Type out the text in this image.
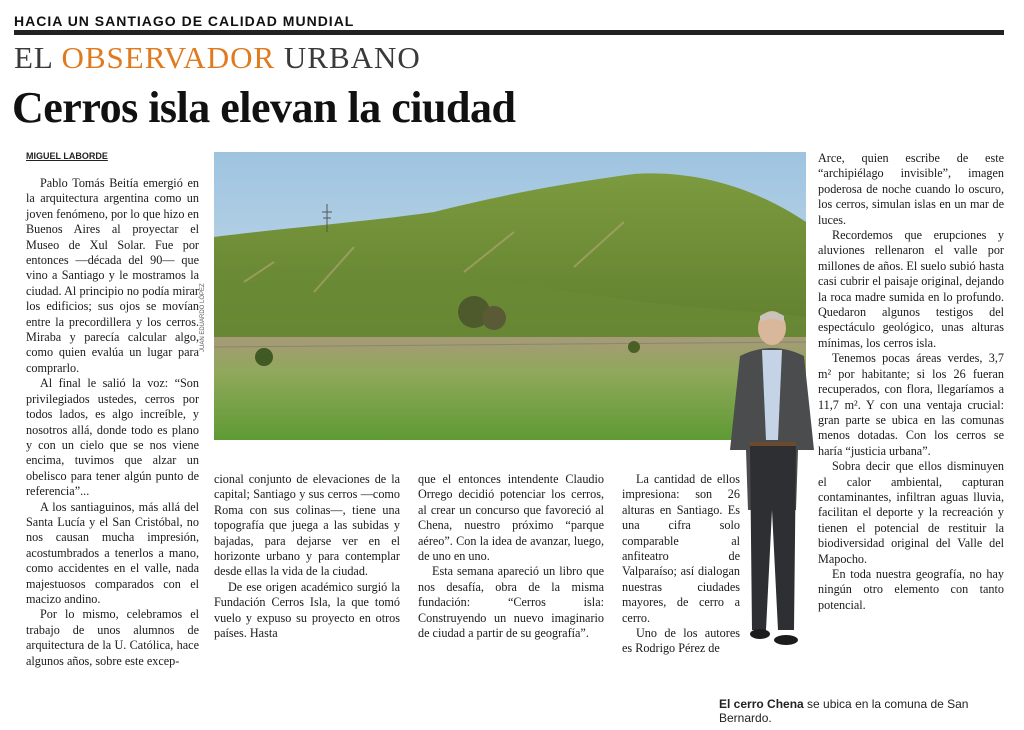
HACIA UN SANTIAGO DE CALIDAD MUNDIAL
EL OBSERVADOR URBANO
Cerros isla elevan la ciudad
MIGUEL LABORDE

Pablo Tomás Beitía emergió en la arquitectura argentina como un joven fenómeno, por lo que hizo en Buenos Aires al proyectar el Museo de Xul Solar. Fue por entonces —década del 90— que vino a Santiago y le mostramos la ciudad. Al principio no podía mirar los edificios; sus ojos se movían entre la precordillera y los cerros. Miraba y parecía calcular algo, como quien evalúa un lugar para comprarlo.

Al final le salió la voz: “Son privilegiados ustedes, cerros por todos lados, es algo increíble, y nosotros allá, donde todo es plano y con un cielo que se nos viene encima, tuvimos que alzar un obelisco para tener algún punto de referencia”...

A los santiaguinos, más allá del Santa Lucía y el San Cristóbal, no nos causan mucha impresión, acostumbrados a tenerlos a mano, como accidentes en el valle, nada majestuosos comparados con el macizo andino.

Por lo mismo, celebramos el trabajo de unos alumnos de arquitectura de la U. Católica, hace algunos años, sobre este excep-

JUAN EDUARDO LÓPEZ

cional conjunto de elevaciones de la capital; Santiago y sus cerros —como Roma con sus colinas—, tiene una topografía que juega a las subidas y bajadas, para dejarse ver en el horizonte urbano y para contemplar desde ellas la vida de la ciudad.

De ese origen académico surgió la Fundación Cerros Isla, la que tomó vuelo y expuso su proyecto en otros países. Hasta

que el entonces intendente Claudio Orrego decidió potenciar los cerros, al crear un concurso que favoreció al Chena, nuestro próximo “parque aéreo”. Con la idea de avanzar, luego, de uno en uno.

Esta semana apareció un libro que nos desafía, obra de la misma fundación: “Cerros isla: Construyendo un nuevo imaginario de ciudad a partir de su geografía”.

La cantidad de ellos impresiona: son 26 alturas en Santiago. Es una cifra solo comparable al anfiteatro de Valparaíso; así dialogan nuestras ciudades mayores, de cerro a cerro.

Uno de los autores es Rodrigo Pérez de

Arce, quien escribe de este “archipiélago invisible”, imagen poderosa de noche cuando lo oscuro, los cerros, simulan islas en un mar de luces.

Recordemos que erupciones y aluviones rellenaron el valle por millones de años. El suelo subió hasta casi cubrir el paisaje original, dejando la roca madre sumida en lo profundo. Quedaron algunos testigos del espectáculo geológico, unas alturas mínimas, los cerros isla.

Tenemos pocas áreas verdes, 3,7 m² por habitante; si los 26 fueran recuperados, con flora, llegaríamos a 11,7 m². Y con una ventaja crucial: gran parte se ubica en las comunas menos dotadas. Con los cerros se haría “justicia urbana”.

Sobra decir que ellos disminuyen el calor ambiental, capturan contaminantes, infiltran aguas lluvia, facilitan el deporte y la recreación y tienen el potencial de restituir la biodiversidad original del Valle del Mapocho.

En toda nuestra geografía, no hay ningún otro elemento con tanto potencial.

El cerro Chena se ubica en la comuna de San Bernardo.
